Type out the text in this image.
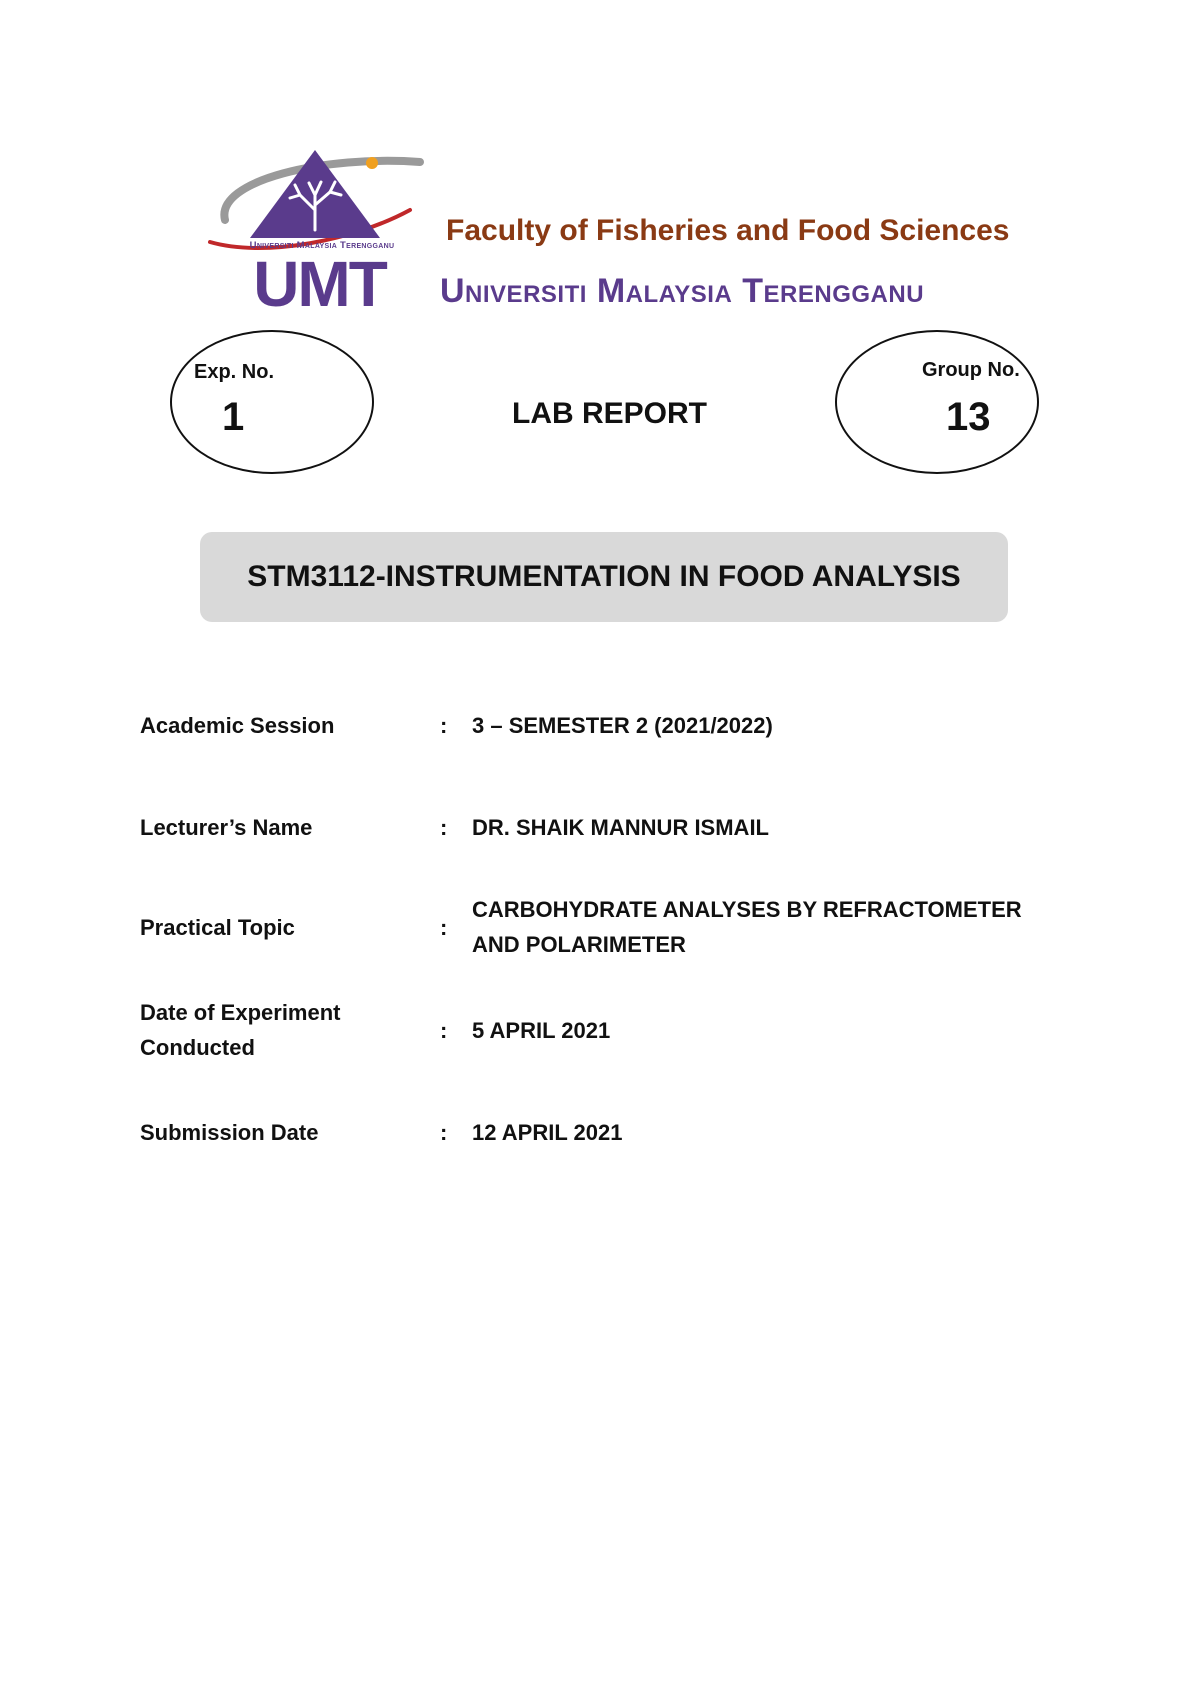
Universiti Malaysia Terengganu
UMT
Faculty of Fisheries and Food Sciences
Universiti Malaysia Terengganu
Exp. No.
1
Group No.
13
LAB REPORT
STM3112-INSTRUMENTATION IN FOOD ANALYSIS
Academic Session	: 3 – SEMESTER 2 (2021/2022)
Lecturer’s Name	: DR. SHAIK MANNUR ISMAIL
Practical Topic	:
CARBOHYDRATE ANALYSES BY REFRACTOMETER
AND POLARIMETER
Date of Experiment
Conducted
: 5 APRIL 2021
Submission Date	: 12 APRIL 2021
